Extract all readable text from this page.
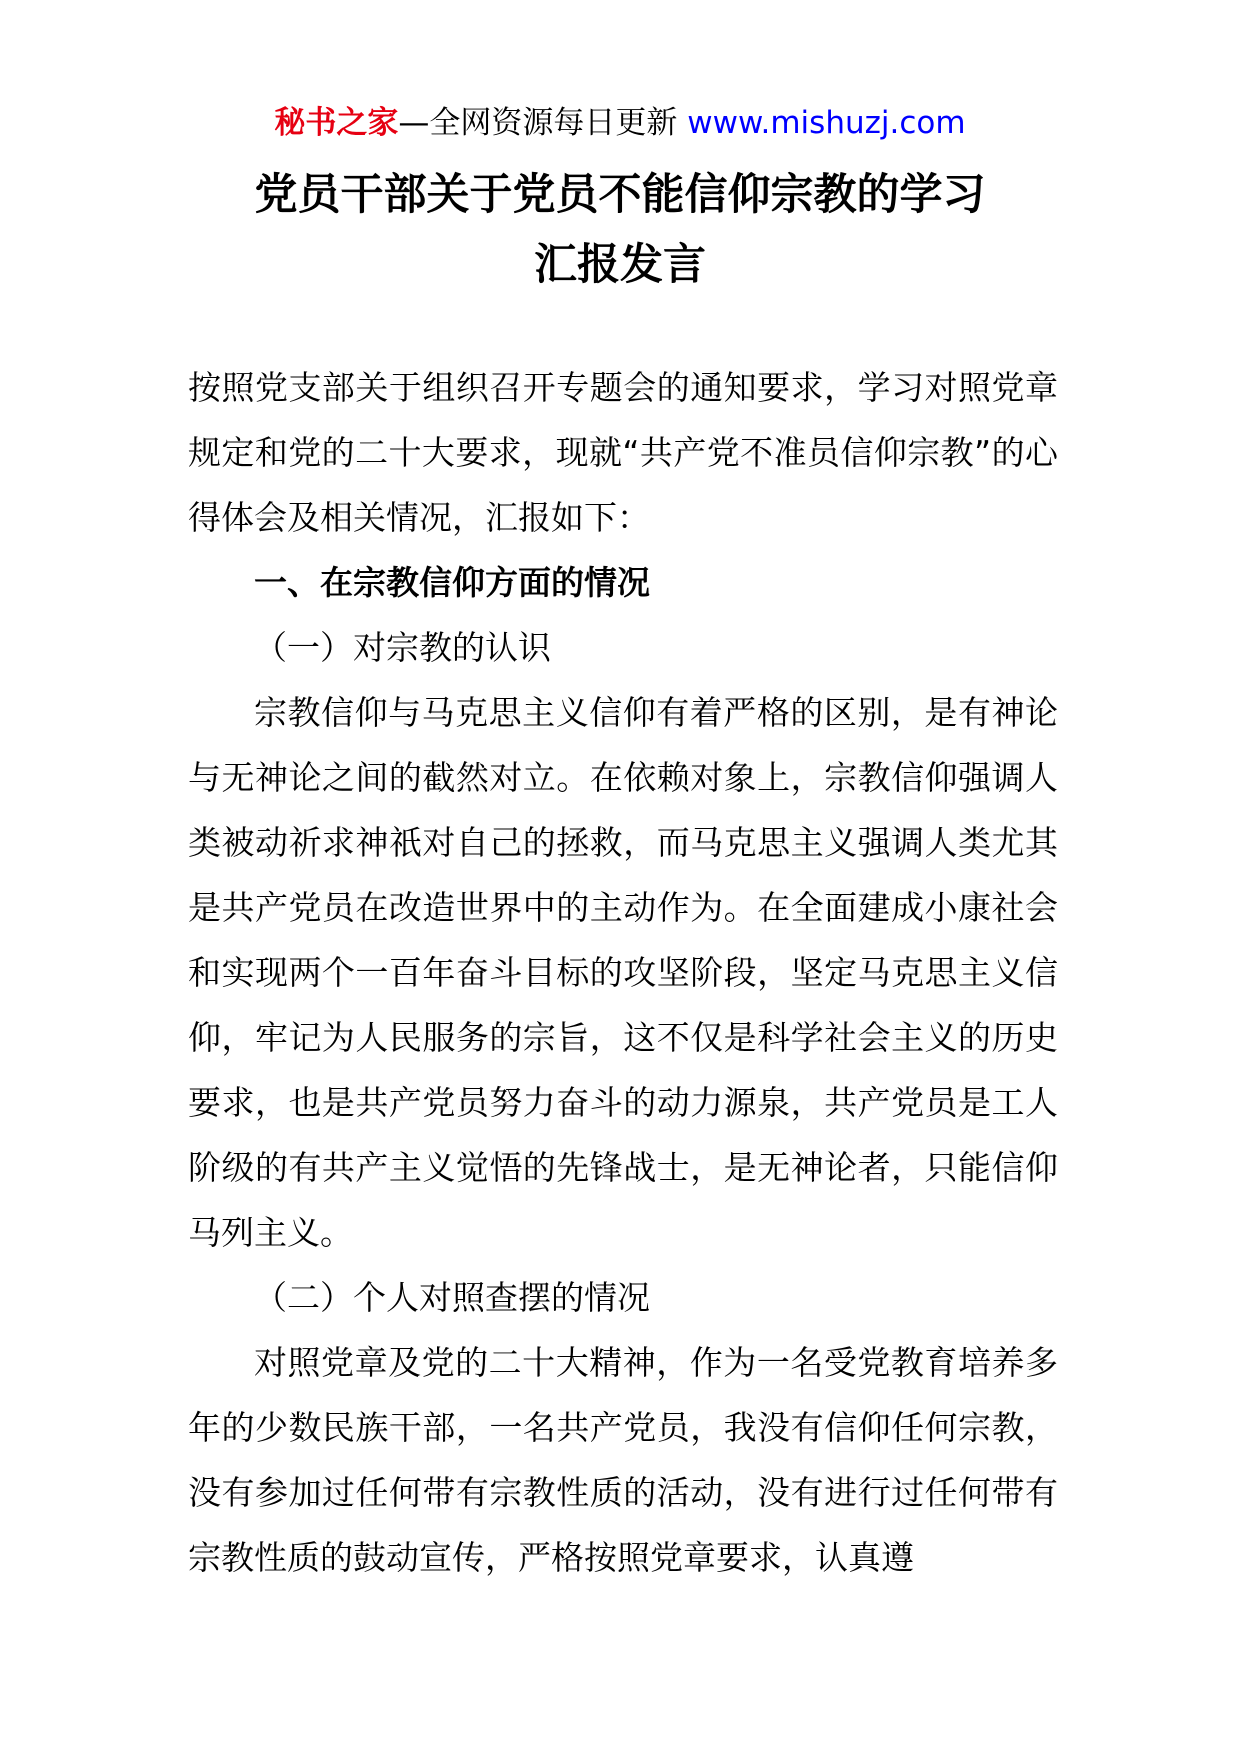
秘书之家—全网资源每日更新 www.mishuzj.com
党员干部关于党员不能信仰宗教的学习
汇报发言

按照党支部关于组织召开专题会的通知要求，学习对照党章规定和党的二十大要求，现就“共产党不准员信仰宗教”的心得体会及相关情况，汇报如下：

一、在宗教信仰方面的情况

（一）对宗教的认识

宗教信仰与马克思主义信仰有着严格的区别，是有神论与无神论之间的截然对立。在依赖对象上，宗教信仰强调人类被动祈求神祇对自己的拯救，而马克思主义强调人类尤其是共产党员在改造世界中的主动作为。在全面建成小康社会和实现两个一百年奋斗目标的攻坚阶段，坚定马克思主义信仰，牢记为人民服务的宗旨，这不仅是科学社会主义的历史要求，也是共产党员努力奋斗的动力源泉，共产党员是工人阶级的有共产主义觉悟的先锋战士，是无神论者，只能信仰马列主义。

（二）个人对照查摆的情况

对照党章及党的二十大精神，作为一名受党教育培养多年的少数民族干部，一名共产党员，我没有信仰任何宗教，没有参加过任何带有宗教性质的活动，没有进行过任何带有宗教性质的鼓动宣传，严格按照党章要求，认真遵
